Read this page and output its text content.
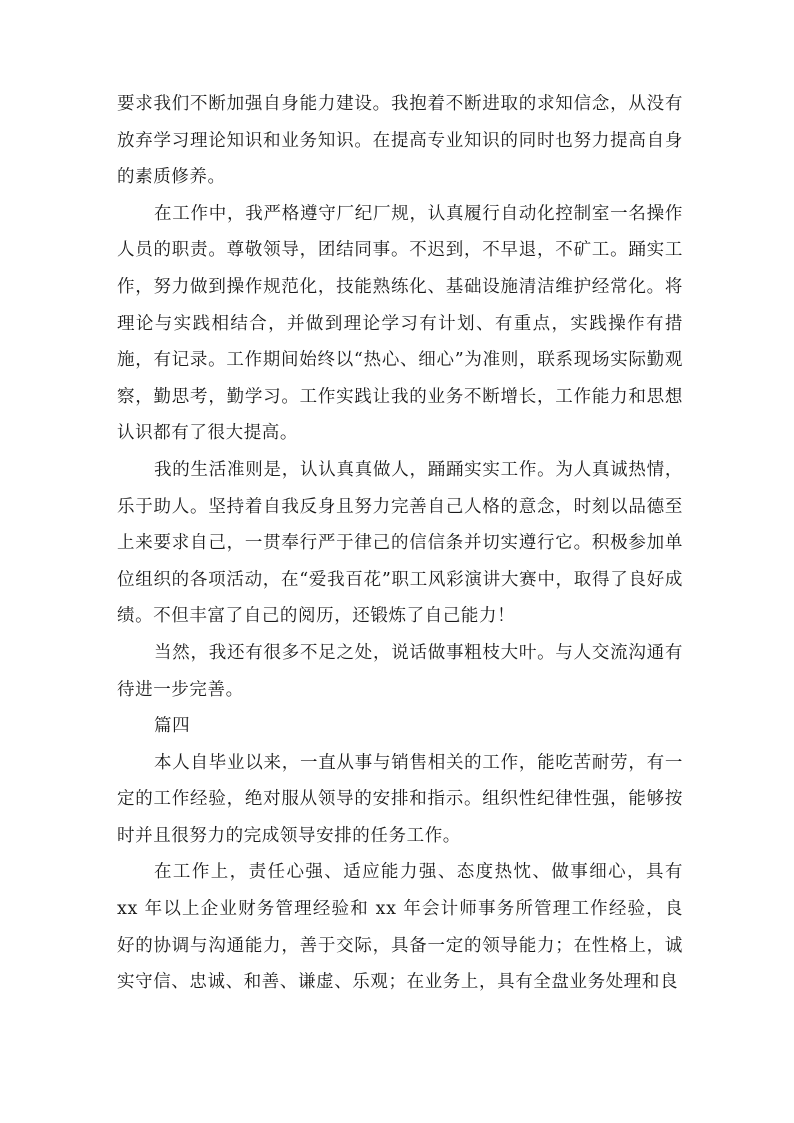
要求我们不断加强自身能力建设。我抱着不断进取的求知信念，从没有放弃学习理论知识和业务知识。在提高专业知识的同时也努力提高自身的素质修养。

在工作中，我严格遵守厂纪厂规，认真履行自动化控制室一名操作人员的职责。尊敬领导，团结同事。不迟到，不早退，不矿工。踊实工作，努力做到操作规范化，技能熟练化、基础设施清洁维护经常化。将理论与实践相结合，并做到理论学习有计划、有重点，实践操作有措施，有记录。工作期间始终以“热心、细心”为准则，联系现场实际勤观察，勤思考，勤学习。工作实践让我的业务不断增长，工作能力和思想认识都有了很大提高。

我的生活准则是，认认真真做人，踊踊实实工作。为人真诚热情，乐于助人。坚持着自我反身且努力完善自己人格的意念，时刻以品德至上来要求自己，一贯奉行严于律己的信信条并切实遵行它。积极参加单位组织的各项活动，在“爱我百花”职工风彩演讲大赛中，取得了良好成绩。不但丰富了自己的阅历，还锻炼了自己能力！

当然，我还有很多不足之处，说话做事粗枝大叶。与人交流沟通有待进一步完善。

篇四

本人自毕业以来，一直从事与销售相关的工作，能吃苦耐劳，有一定的工作经验，绝对服从领导的安排和指示。组织性纪律性强，能够按时并且很努力的完成领导安排的任务工作。

在工作上，责任心强、适应能力强、态度热忱、做事细心，具有 xx 年以上企业财务管理经验和 xx 年会计师事务所管理工作经验，良好的协调与沟通能力，善于交际，具备一定的领导能力；在性格上，诚实守信、忠诚、和善、谦虚、乐观；在业务上，具有全盘业务处理和良
